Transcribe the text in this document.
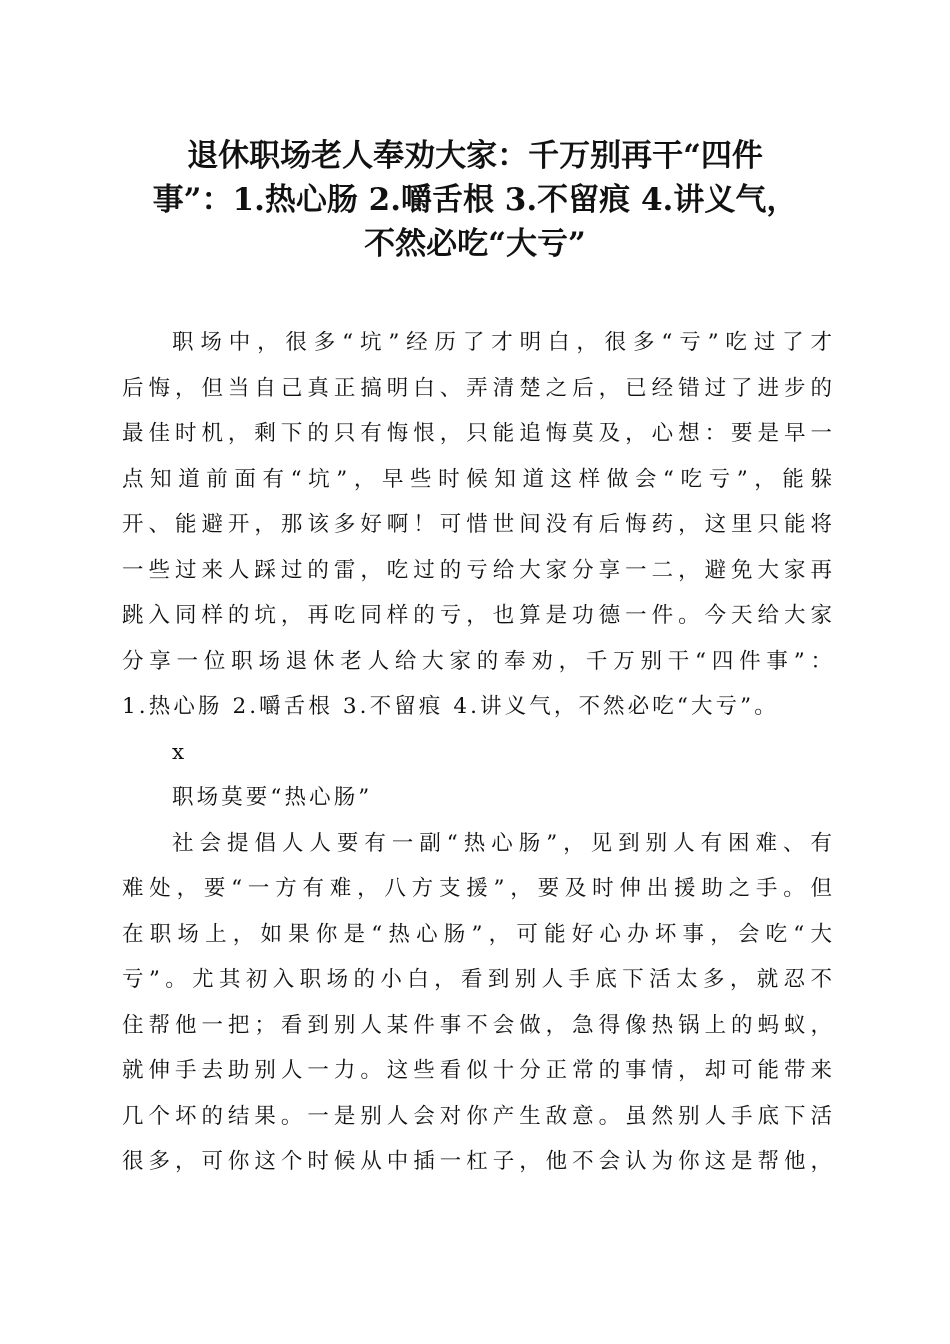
退休职场老人奉劝大家：千万别再干“四件
事”：1.热心肠 2.嚼舌根 3.不留痕 4.讲义气，
不然必吃“大亏”

职场中，很多“坑”经历了才明白，很多“亏”吃过了才
后悔，但当自己真正搞明白、弄清楚之后，已经错过了进步的
最佳时机，剩下的只有悔恨，只能追悔莫及，心想：要是早一
点知道前面有“坑”，早些时候知道这样做会“吃亏”，能躲
开、能避开，那该多好啊！可惜世间没有后悔药，这里只能将
一些过来人踩过的雷，吃过的亏给大家分享一二，避免大家再
跳入同样的坑，再吃同样的亏，也算是功德一件。今天给大家
分享一位职场退休老人给大家的奉劝，千万别干“四件事”：
1.热心肠 2.嚼舌根 3.不留痕 4.讲义气，不然必吃“大亏”。

x

职场莫要“热心肠”

社会提倡人人要有一副“热心肠”，见到别人有困难、有
难处，要“一方有难，八方支援”，要及时伸出援助之手。但
在职场上，如果你是“热心肠”，可能好心办坏事，会吃“大
亏”。尤其初入职场的小白，看到别人手底下活太多，就忍不
住帮他一把；看到别人某件事不会做，急得像热锅上的蚂蚁，
就伸手去助别人一力。这些看似十分正常的事情，却可能带来
几个坏的结果。一是别人会对你产生敌意。虽然别人手底下活
很多，可你这个时候从中插一杠子，他不会认为你这是帮他，
